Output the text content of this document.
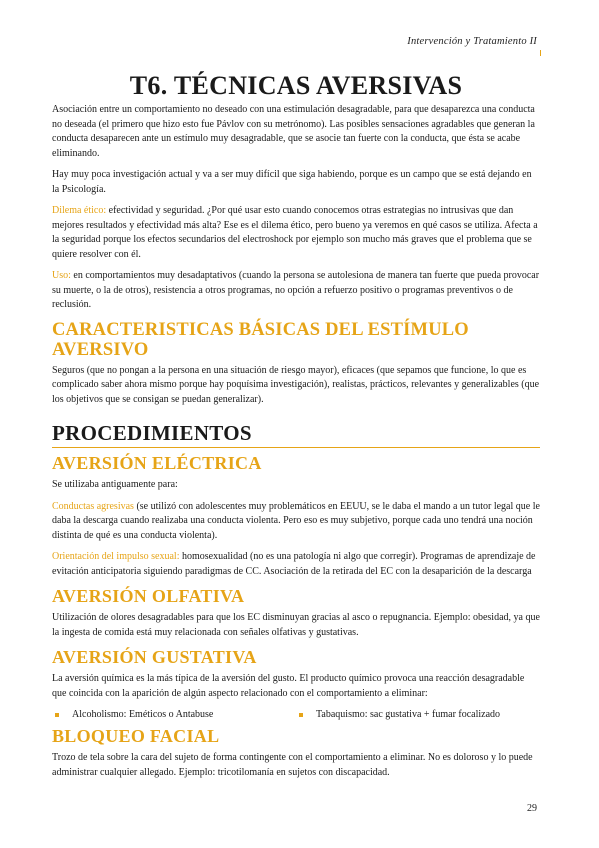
Intervención y Tratamiento II
T6. TÉCNICAS AVERSIVAS

Asociación entre un comportamiento no deseado con una estimulación desagradable, para que desaparezca una conducta no deseada (el primero que hizo esto fue Pávlov con su metrónomo). Las posibles sensaciones agradables que generan la conducta desaparecen ante un estímulo muy desagradable, que se asocie tan fuerte con la conducta, que ésta se acabe eliminando.

Hay muy poca investigación actual y va a ser muy difícil que siga habiendo, porque es un campo que se está dejando en la Psicología.

Dilema ético: efectividad y seguridad. ¿Por qué usar esto cuando conocemos otras estrategias no intrusivas que dan mejores resultados y efectividad más alta? Ese es el dilema ético, pero bueno ya veremos en qué casos se utiliza. Afecta a la seguridad porque los efectos secundarios del electroshock por ejemplo son mucho más graves que el problema que se quiere resolver con él.

Uso: en comportamientos muy desadaptativos (cuando la persona se autolesiona de manera tan fuerte que pueda provocar su muerte, o la de otros), resistencia a otros programas, no opción a refuerzo positivo o programas preventivos o de reclusión.

CARACTERISTICAS BÁSICAS DEL ESTÍMULO AVERSIVO

Seguros (que no pongan a la persona en una situación de riesgo mayor), eficaces (que sepamos que funcione, lo que es complicado saber ahora mismo porque hay poquísima investigación), realistas, prácticos, relevantes y generalizables (que los objetivos que se consigan se puedan generalizar).

PROCEDIMIENTOS
AVERSIÓN ELÉCTRICA

Se utilizaba antiguamente para:

Conductas agresivas (se utilizó con adolescentes muy problemáticos en EEUU, se le daba el mando a un tutor legal que le daba la descarga cuando realizaba una conducta violenta. Pero eso es muy subjetivo, porque cada uno tendrá una noción distinta de qué es una conducta violenta).

Orientación del impulso sexual: homosexualidad (no es una patología ni algo que corregir). Programas de aprendizaje de evitación anticipatoria siguiendo paradigmas de CC. Asociación de la retirada del EC con la desaparición de la descarga

AVERSIÓN OLFATIVA

Utilización de olores desagradables para que los EC disminuyan gracias al asco o repugnancia. Ejemplo: obesidad, ya que la ingesta de comida está muy relacionada con señales olfativas y gustativas.

AVERSIÓN GUSTATIVA

La aversión química es la más típica de la aversión del gusto. El producto químico provoca una reacción desagradable que coincida con la aparición de algún aspecto relacionado con el comportamiento a eliminar:

Alcoholismo: Eméticos o Antabuse	Tabaquismo: sac gustativa + fumar focalizado
BLOQUEO FACIAL

Trozo de tela sobre la cara del sujeto de forma contingente con el comportamiento a eliminar. No es doloroso y lo puede administrar cualquier allegado. Ejemplo: tricotilomanía en sujetos con discapacidad.

29
